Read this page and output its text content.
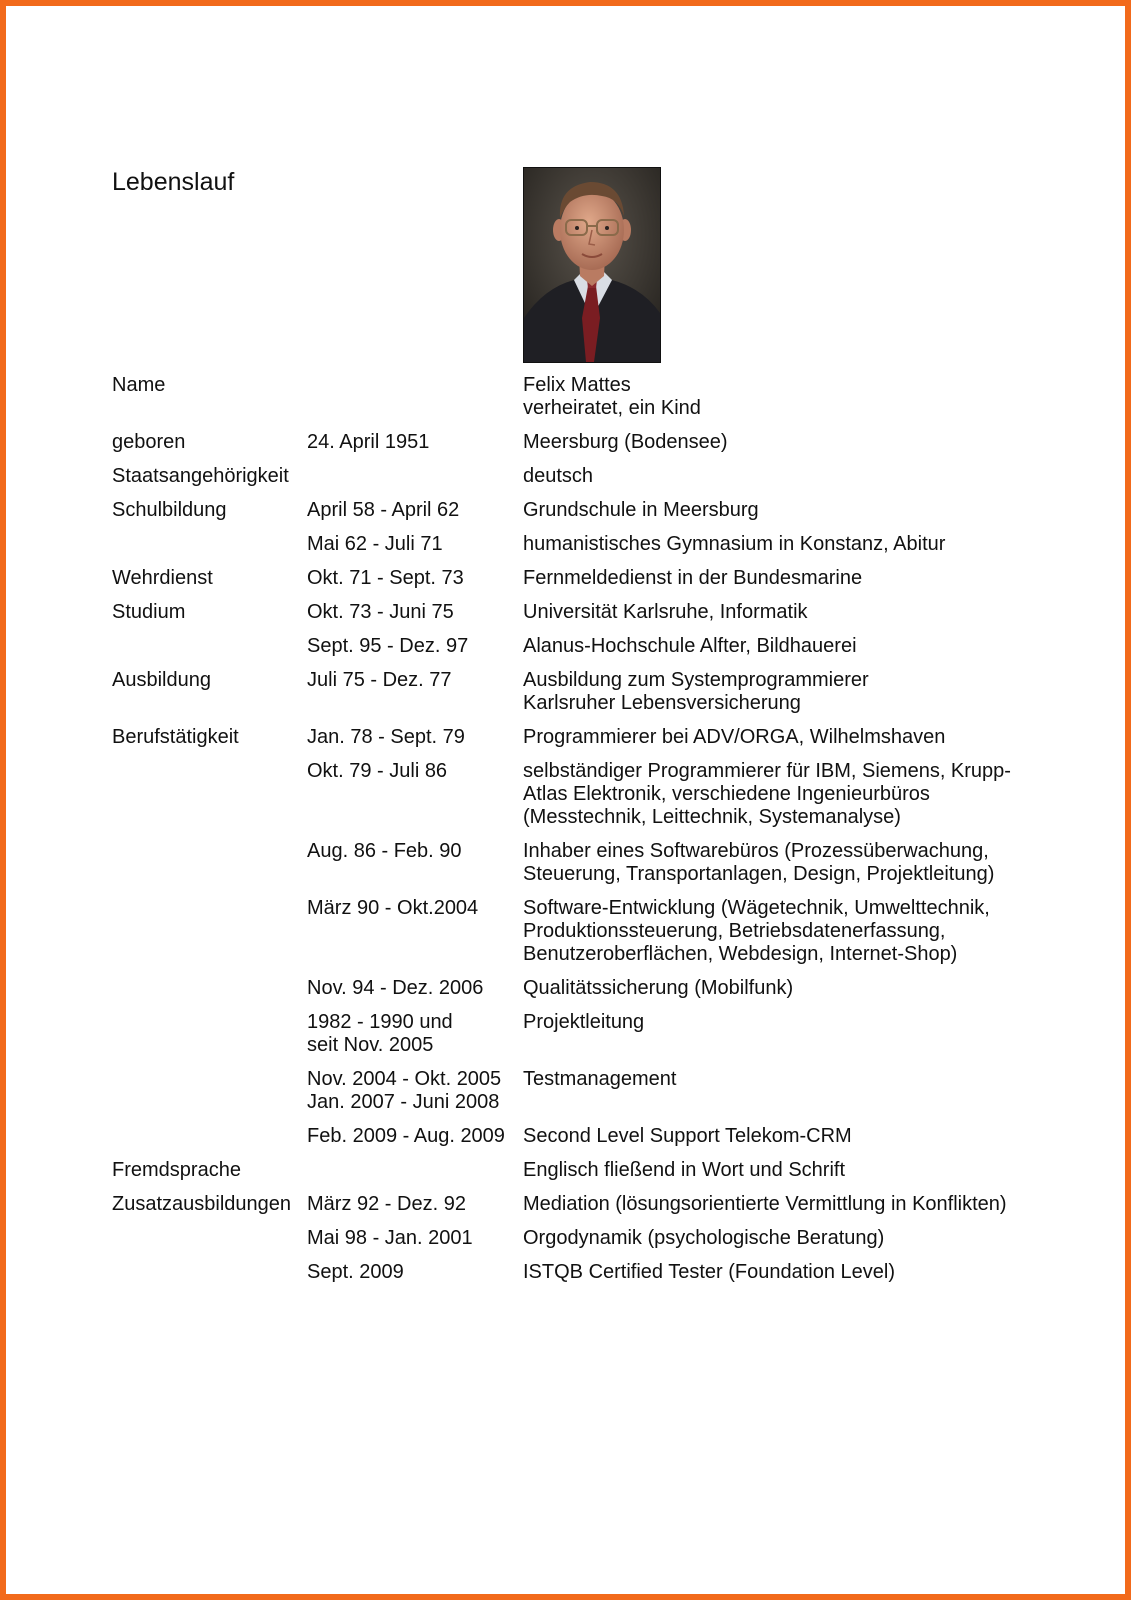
Lebenslauf
Name		Felix Mattes
verheiratet, ein Kind

geboren	24. April 1951	Meersburg (Bodensee)

Staatsangehörigkeit		deutsch

Schulbildung	April 58 - April 62	Grundschule in Meersburg

	Mai 62 - Juli 71	humanistisches Gymnasium in Konstanz, Abitur

Wehrdienst	Okt. 71 - Sept. 73	Fernmeldedienst in der Bundesmarine

Studium	Okt. 73 - Juni 75	Universität Karlsruhe, Informatik

	Sept. 95 - Dez. 97	Alanus-Hochschule Alfter, Bildhauerei

Ausbildung	Juli 75 - Dez. 77	Ausbildung zum Systemprogrammierer
Karlsruher Lebensversicherung

Berufstätigkeit	Jan. 78 - Sept. 79	Programmierer bei ADV/ORGA, Wilhelmshaven

	Okt. 79 - Juli 86	selbständiger Programmierer für IBM, Siemens, Krupp-
Atlas Elektronik, verschiedene Ingenieurbüros
(Messtechnik, Leittechnik, Systemanalyse)

	Aug. 86 - Feb. 90	Inhaber eines Softwarebüros (Prozessüberwachung,
Steuerung, Transportanlagen, Design, Projektleitung)

	März 90 - Okt.2004	Software-Entwicklung (Wägetechnik, Umwelttechnik,
Produktionssteuerung, Betriebsdatenerfassung,
Benutzeroberflächen, Webdesign, Internet-Shop)

	Nov. 94 - Dez. 2006	Qualitätssicherung (Mobilfunk)

	1982 - 1990 und
seit Nov. 2005	Projektleitung

	Nov. 2004 - Okt. 2005
Jan. 2007 - Juni 2008	Testmanagement

	Feb. 2009 - Aug. 2009	Second Level Support Telekom-CRM

Fremdsprache		Englisch fließend in Wort und Schrift

Zusatzausbildungen	März 92 - Dez. 92	Mediation (lösungsorientierte Vermittlung in Konflikten)

	Mai 98 - Jan. 2001	Orgodynamik (psychologische Beratung)

	Sept. 2009	ISTQB Certified Tester (Foundation Level)
